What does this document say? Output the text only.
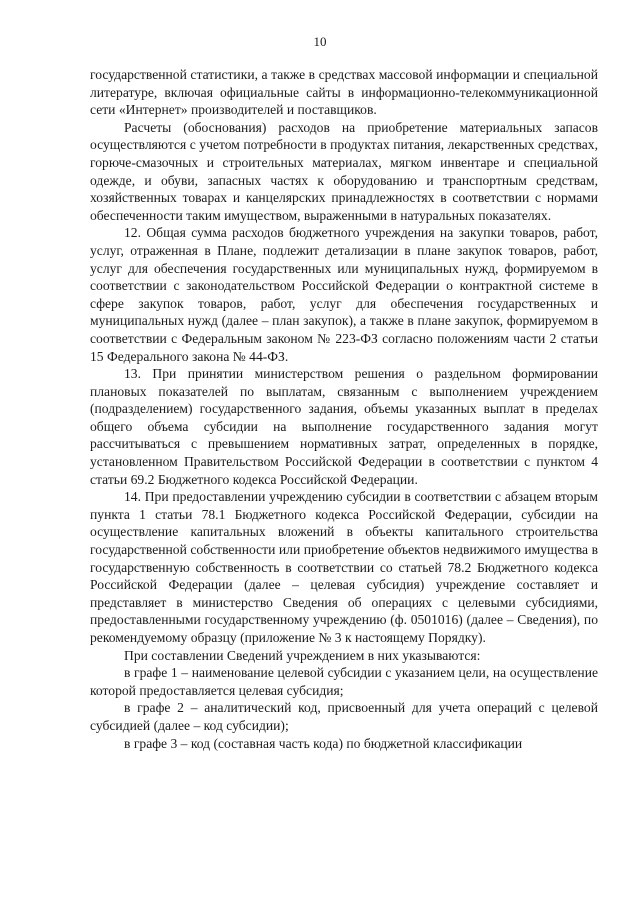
10

государственной статистики, а также в средствах массовой информации и специальной литературе, включая официальные сайты в информационно-телекоммуникационной сети «Интернет» производителей и поставщиков.

Расчеты (обоснования) расходов на приобретение материальных запасов осуществляются с учетом потребности в продуктах питания, лекарственных средствах, горюче-смазочных и строительных материалах, мягком инвентаре и специальной одежде, и обуви, запасных частях к оборудованию и транспортным средствам, хозяйственных товарах и канцелярских принадлежностях в соответствии с нормами обеспеченности таким имуществом, выраженными в натуральных показателях.

12. Общая сумма расходов бюджетного учреждения на закупки товаров, работ, услуг, отраженная в Плане, подлежит детализации в плане закупок товаров, работ, услуг для обеспечения государственных или муниципальных нужд, формируемом в соответствии с законодательством Российской Федерации о контрактной системе в сфере закупок товаров, работ, услуг для обеспечения государственных и муниципальных нужд (далее – план закупок), а также в плане закупок, формируемом в соответствии с Федеральным законом № 223-ФЗ согласно положениям части 2 статьи 15 Федерального закона № 44-ФЗ.

13. При принятии министерством решения о раздельном формировании плановых показателей по выплатам, связанным с выполнением учреждением (подразделением) государственного задания, объемы указанных выплат в пределах общего объема субсидии на выполнение государственного задания могут рассчитываться с превышением нормативных затрат, определенных в порядке, установленном Правительством Российской Федерации в соответствии с пунктом 4 статьи 69.2 Бюджетного кодекса Российской Федерации.

14. При предоставлении учреждению субсидии в соответствии с абзацем вторым пункта 1 статьи 78.1 Бюджетного кодекса Российской Федерации, субсидии на осуществление капитальных вложений в объекты капитального строительства государственной собственности или приобретение объектов недвижимого имущества в государственную собственность в соответствии со статьей 78.2 Бюджетного кодекса Российской Федерации (далее – целевая субсидия) учреждение составляет и представляет в министерство Сведения об операциях с целевыми субсидиями, предоставленными государственному учреждению (ф. 0501016) (далее – Сведения), по рекомендуемому образцу (приложение № 3 к настоящему Порядку).

При составлении Сведений учреждением в них указываются:

в графе 1 – наименование целевой субсидии с указанием цели, на осуществление которой предоставляется целевая субсидия;

в графе 2 – аналитический код, присвоенный для учета операций с целевой субсидией (далее – код субсидии);

в графе 3 – код (составная часть кода) по бюджетной классификации
